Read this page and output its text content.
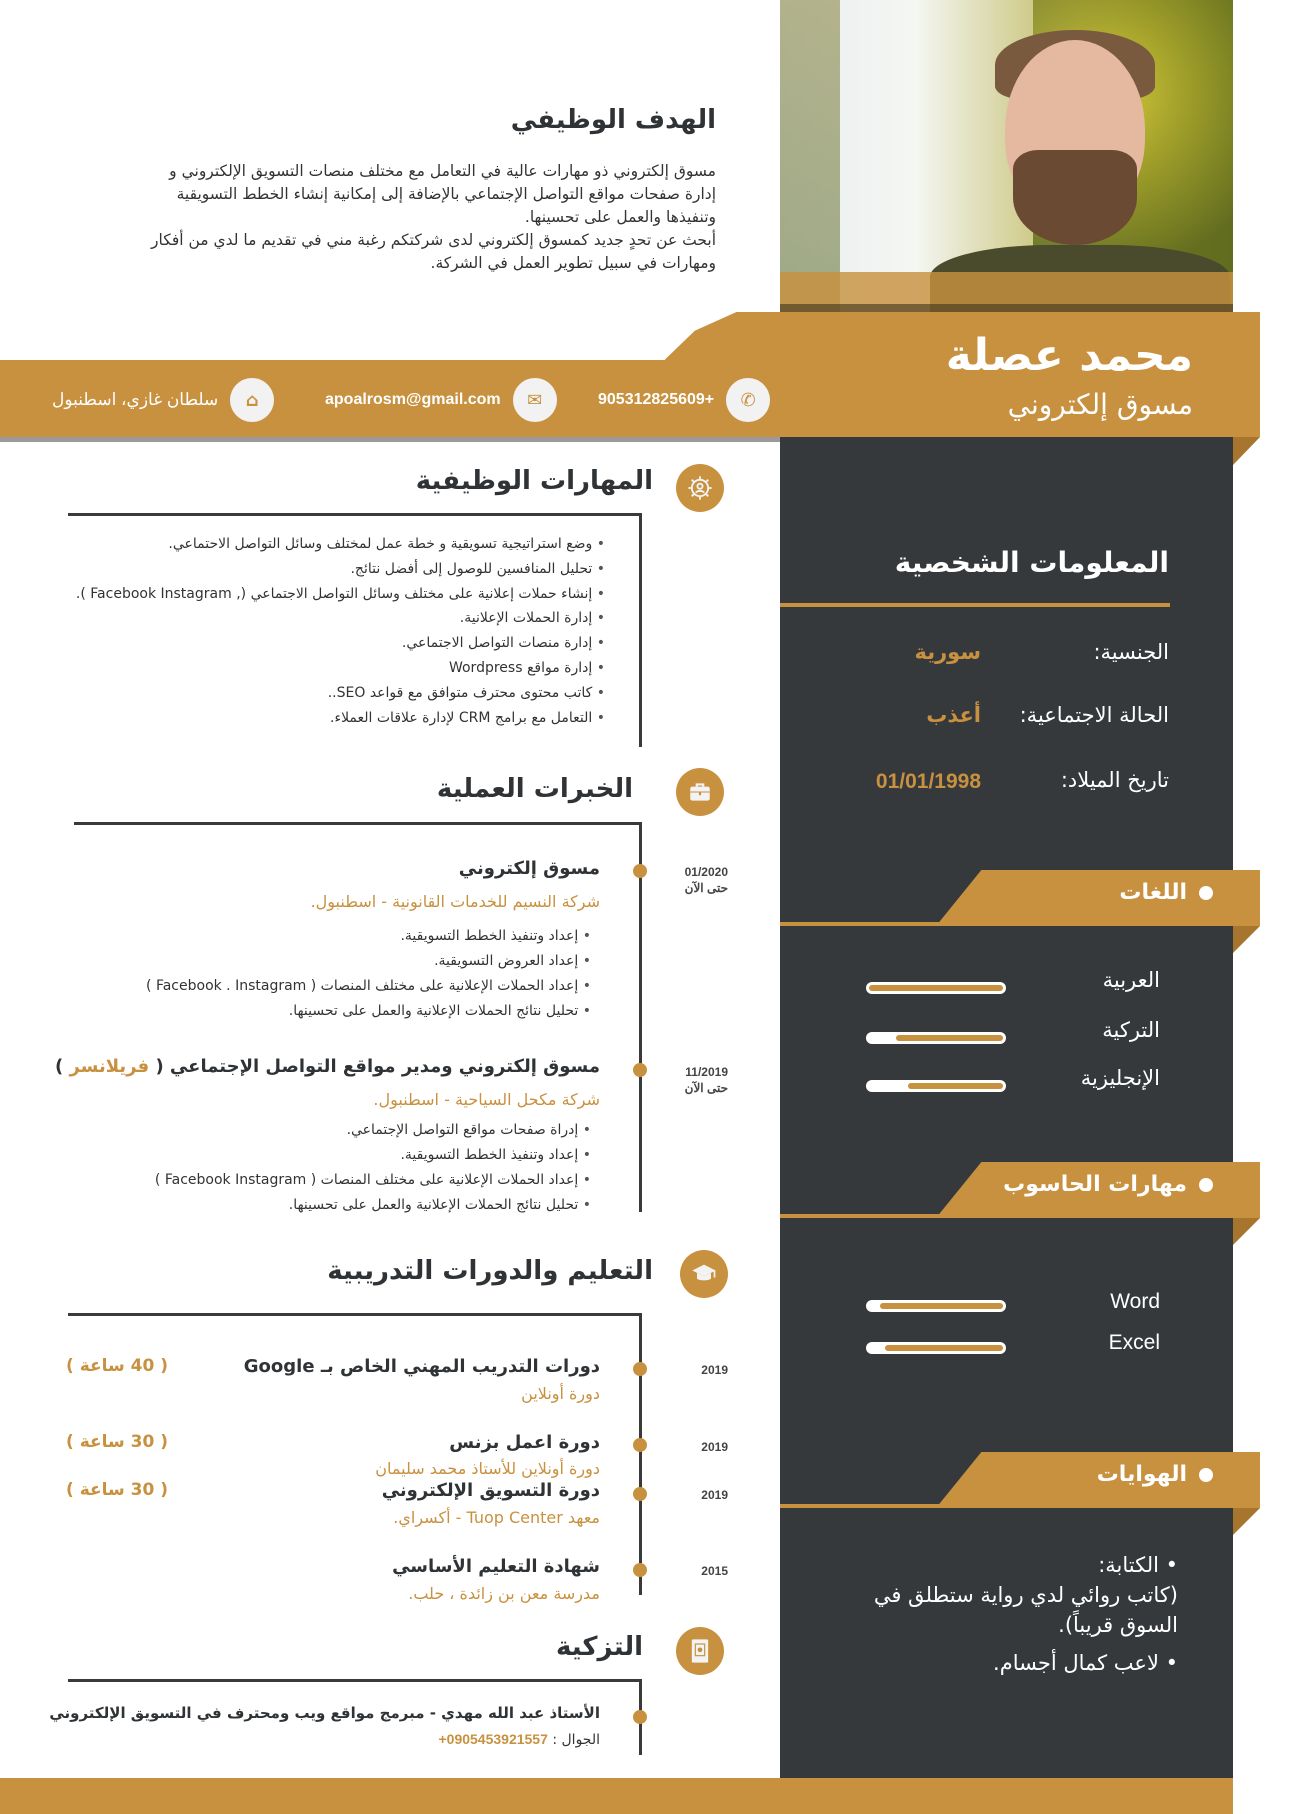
محمد عصلة
مسوق إلكتروني
✆
+905312825609
✉
apoalrosm@gmail.com
⌂
سلطان غازي، اسطنبول
الهدف الوظيفي
مسوق إلكتروني ذو مهارات عالية في التعامل مع مختلف منصات التسويق الإلكتروني و
إدارة صفحات مواقع التواصل الإجتماعي بالإضافة إلى إمكانية إنشاء الخطط التسويقية
وتنفيذها والعمل على تحسينها.
أبحث عن تحدٍ جديد كمسوق إلكتروني لدى شركتكم رغبة مني في تقديم ما لدي من أفكار
ومهارات في سبيل تطوير العمل في الشركة.
المهارات الوظيفية
• وضع استراتيجية تسويقية و خطة عمل لمختلف وسائل التواصل الاحتماعي.
• تحليل المنافسين للوصول إلى أفضل نتائج.
• إنشاء حملات إعلانية على مختلف وسائل التواصل الاجتماعي (, Facebook Instagram ).
• إدارة الحملات الإعلانية.
• إدارة منصات التواصل الاجتماعي.
• إدارة مواقع Wordpress
• كاتب محتوى محترف متوافق مع قواعد SEO..
• التعامل مع برامج CRM لإدارة علاقات العملاء.
الخبرات العملية
01/2020
حتى الآن
مسوق إلكتروني
شركة النسيم للخدمات القانونية - اسطنبول.
• إعداد وتنفيذ الخطط التسويقية.
• إعداد العروض التسويقية.
• إعداد الحملات الإعلانية على مختلف المنصات ( Facebook . Instagram )
• تحليل نتائج الحملات الإعلانية والعمل على تحسينها.
11/2019
حتى الآن
مسوق إلكتروني ومدير مواقع التواصل الإجتماعي ( فريلانسر )
شركة مكحل السياحية - اسطنبول.
• إدراة صفحات مواقع التواصل الإجتماعي.
• إعداد وتنفيذ الخطط التسويقية.
• إعداد الحملات الإعلانية على مختلف المنصات ( Facebook Instagram )
• تحليل نتائج الحملات الإعلانية والعمل على تحسينها.
التعليم والدورات التدريبية
2019
دورات التدريب المهني الخاص بـ Google
دورة أونلاين
( 40 ساعة )
2019
دورة اعمل بزنس
دورة أونلاين للأستاذ محمد سليمان
( 30 ساعة )
2019
دورة التسويق الإلكتروني
معهد Tuop Center - أكسراي.
( 30 ساعة )
2015
شهادة التعليم الأساسي
مدرسة معن بن زائدة ، حلب.
التزكية
الأستاذ عبد الله مهدي - مبرمج مواقع ويب ومحترف في التسويق الإلكتروني
الجوال : +0905453921557
المعلومات الشخصية
الجنسية:
سورية
الحالة الاجتماعية:
أعذب
تاريخ الميلاد:
01/01/1998
اللغات
العربية
التركية
الإنجليزية
مهارات الحاسوب
Word
Excel
الهوايات
• الكتابة:
(كاتب روائي لدي رواية ستطلق في السوق قريباً).
• لاعب كمال أجسام.
